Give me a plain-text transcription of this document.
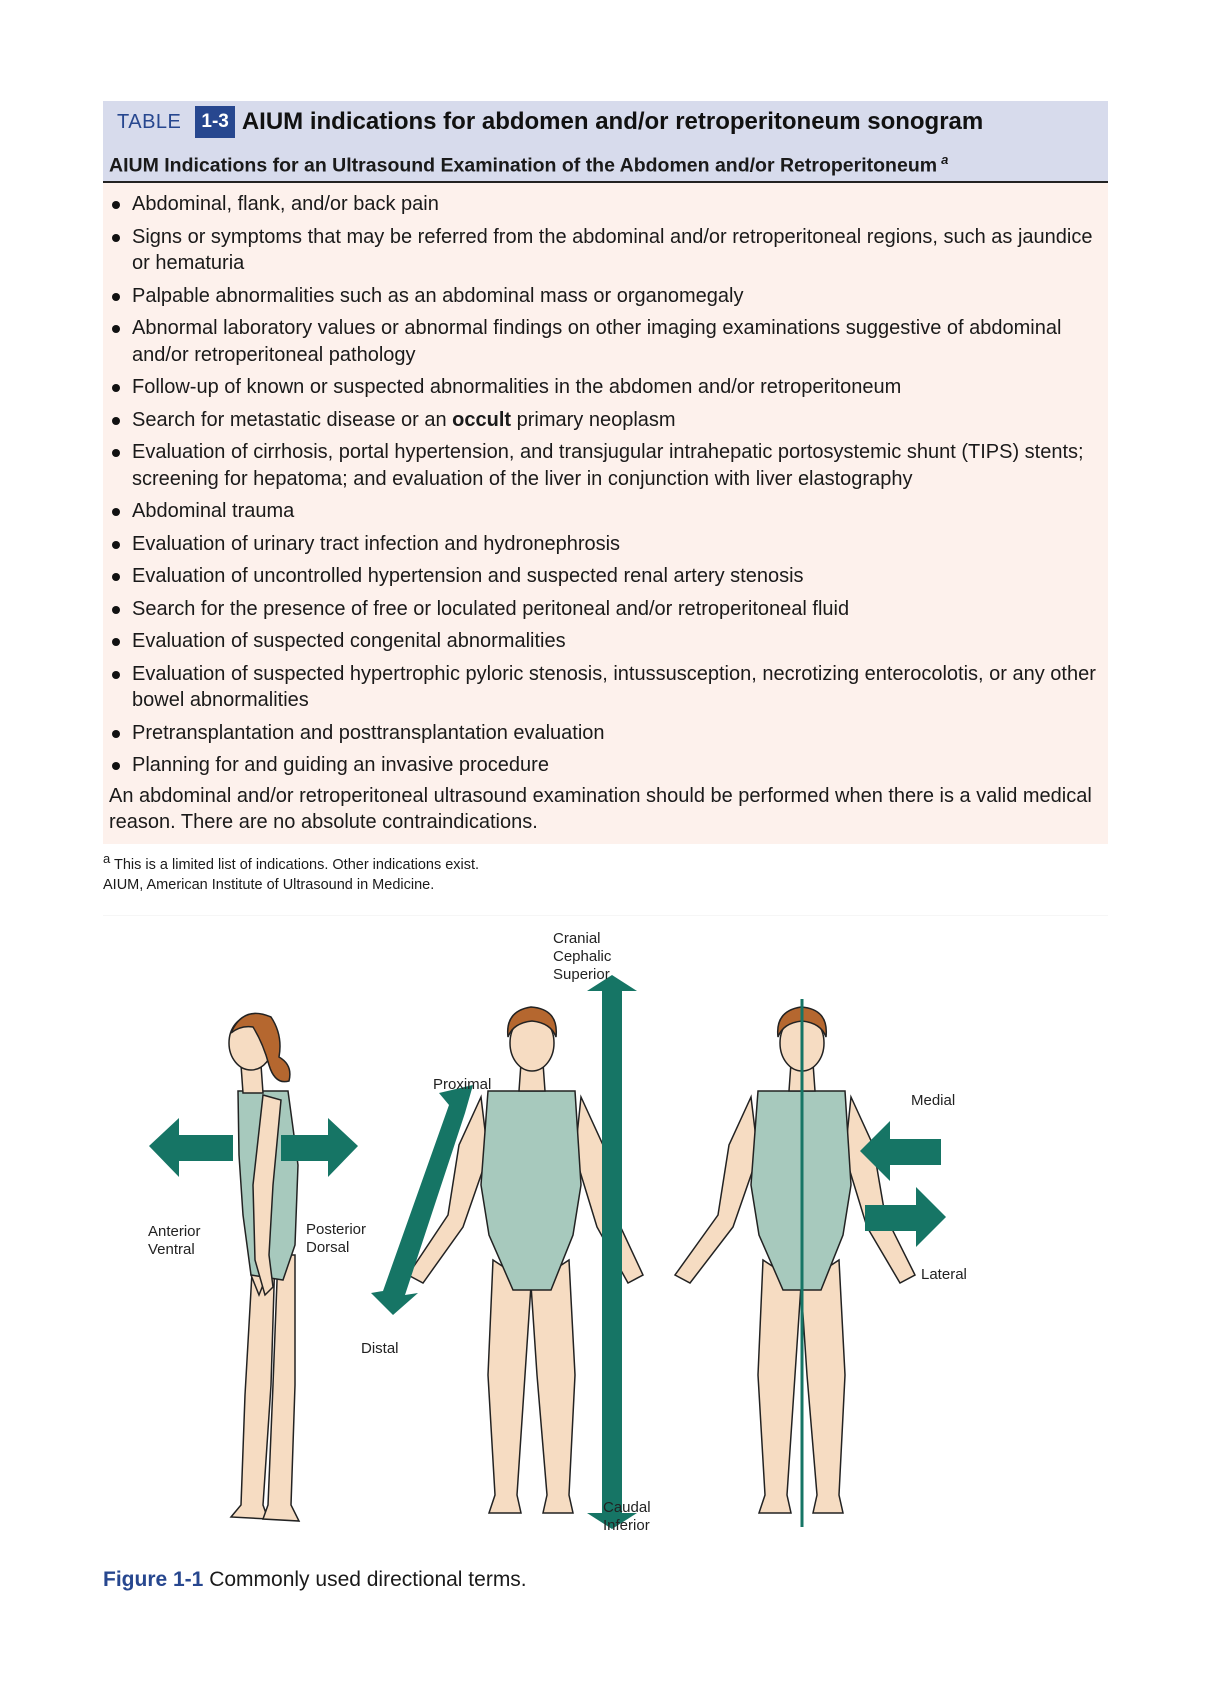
TABLE	1-3 AIUM indications for abdomen and/or retroperitoneum sonogram
AIUM Indications for an Ultrasound Examination of the Abdomen and/or Retroperitoneum $^a$
Abdominal, flank, and/or back pain
Signs or symptoms that may be referred from the abdominal and/or retroperitoneal regions, such as jaundice or hematuria
Palpable abnormalities such as an abdominal mass or organomegaly
Abnormal laboratory values or abnormal findings on other imaging examinations suggestive of abdominal and/or retroperitoneal pathology
Follow-up of known or suspected abnormalities in the abdomen and/or retroperitoneum
Search for metastatic disease or an occult primary neoplasm
Evaluation of cirrhosis, portal hypertension, and transjugular intrahepatic portosystemic shunt (TIPS) stents; screening for hepatoma; and evaluation of the liver in conjunction with liver elastography
Abdominal trauma
Evaluation of urinary tract infection and hydronephrosis
Evaluation of uncontrolled hypertension and suspected renal artery stenosis
Search for the presence of free or loculated peritoneal and/or retroperitoneal fluid
Evaluation of suspected congenital abnormalities
Evaluation of suspected hypertrophic pyloric stenosis, intussusception, necrotizing enterocolotis, or any other bowel abnormalities
Pretransplantation and posttransplantation evaluation
Planning for and guiding an invasive procedure
An abdominal and/or retroperitoneal ultrasound examination should be performed when there is a valid medical reason. There are no absolute contraindications.
$^a$ This is a limited list of indications. Other indications exist.
AIUM, American Institute of Ultrasound in Medicine.
Anterior
Ventral
Posterior
Dorsal
Cranial
Cephalic
Superior
Caudal
Inferior
Proximal
Distal
Medial
Lateral
Figure 1-1 Commonly used directional terms.
